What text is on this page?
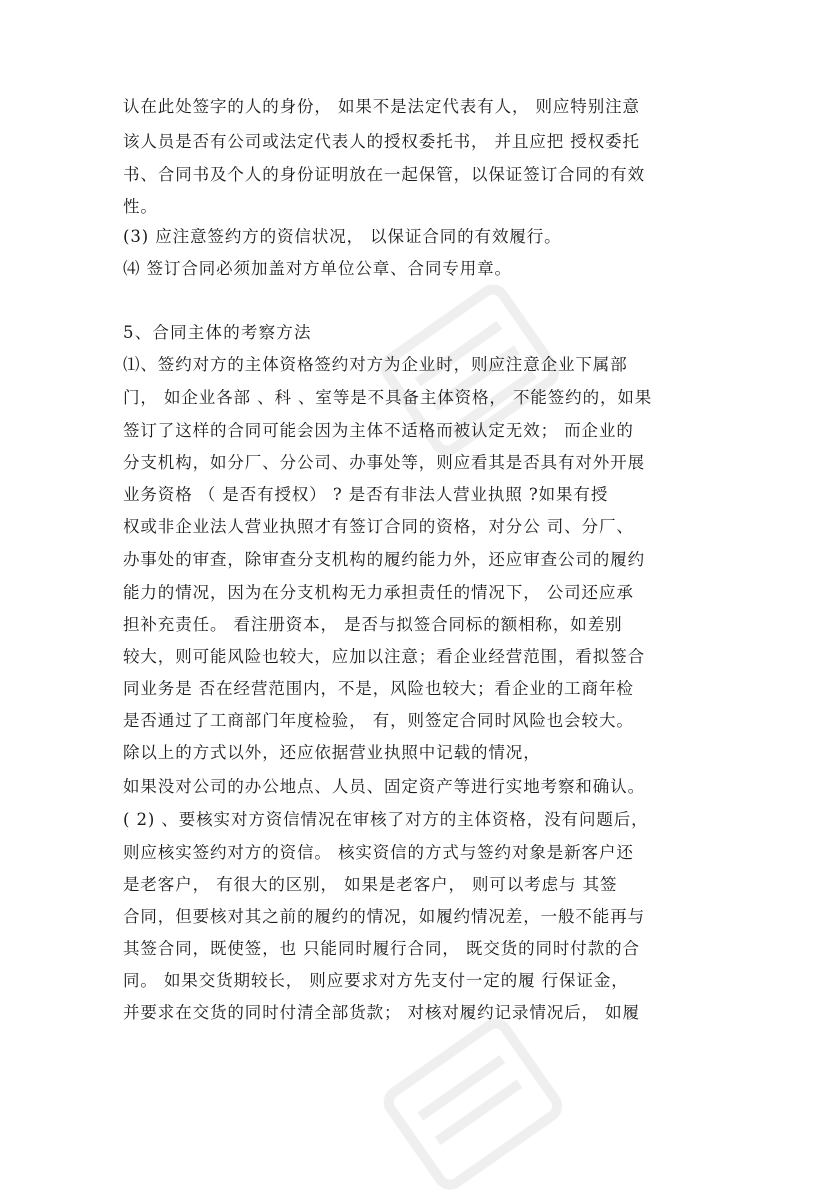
认在此处签字的人的身份， 如果不是法定代表有人， 则应特别注意
该人员是否有公司或法定代表人的授权委托书， 并且应把 授权委托
书、合同书及个人的身份证明放在一起保管，以保证签订合同的有效
性。
(3) 应注意签约方的资信状况， 以保证合同的有效履行。
⑷ 签订合同必须加盖对方单位公章、合同专用章。
5、合同主体的考察方法
⑴、签约对方的主体资格签约对方为企业时，则应注意企业下属部
门， 如企业各部 、科 、室等是不具备主体资格， 不能签约的，如果
签订了这样的合同可能会因为主体不适格而被认定无效； 而企业的
分支机构，如分厂、分公司、办事处等，则应看其是否具有对外开展
业务资格 （ 是否有授权） ? 是否有非法人营业执照 ?如果有授
权或非企业法人营业执照才有签订合同的资格，对分公 司、分厂、
办事处的审查，除审查分支机构的履约能力外，还应审查公司的履约
能力的情况，因为在分支机构无力承担责任的情况下， 公司还应承
担补充责任。 看注册资本， 是否与拟签合同标的额相称，如差别
较大，则可能风险也较大，应加以注意；看企业经营范围，看拟签合
同业务是 否在经营范围内，不是，风险也较大；看企业的工商年检
是否通过了工商部门年度检验， 有，则签定合同时风险也会较大。
除以上的方式以外，还应依据营业执照中记载的情况，
如果没对公司的办公地点、人员、固定资产等进行实地考察和确认。
( 2) 、要核实对方资信情况在审核了对方的主体资格，没有问题后，
则应核实签约对方的资信。 核实资信的方式与签约对象是新客户还
是老客户， 有很大的区别， 如果是老客户， 则可以考虑与 其签
合同，但要核对其之前的履约的情况，如履约情况差，一般不能再与
其签合同，既使签，也 只能同时履行合同， 既交货的同时付款的合
同。 如果交货期较长， 则应要求对方先支付一定的履 行保证金，
并要求在交货的同时付清全部货款； 对核对履约记录情况后， 如履
